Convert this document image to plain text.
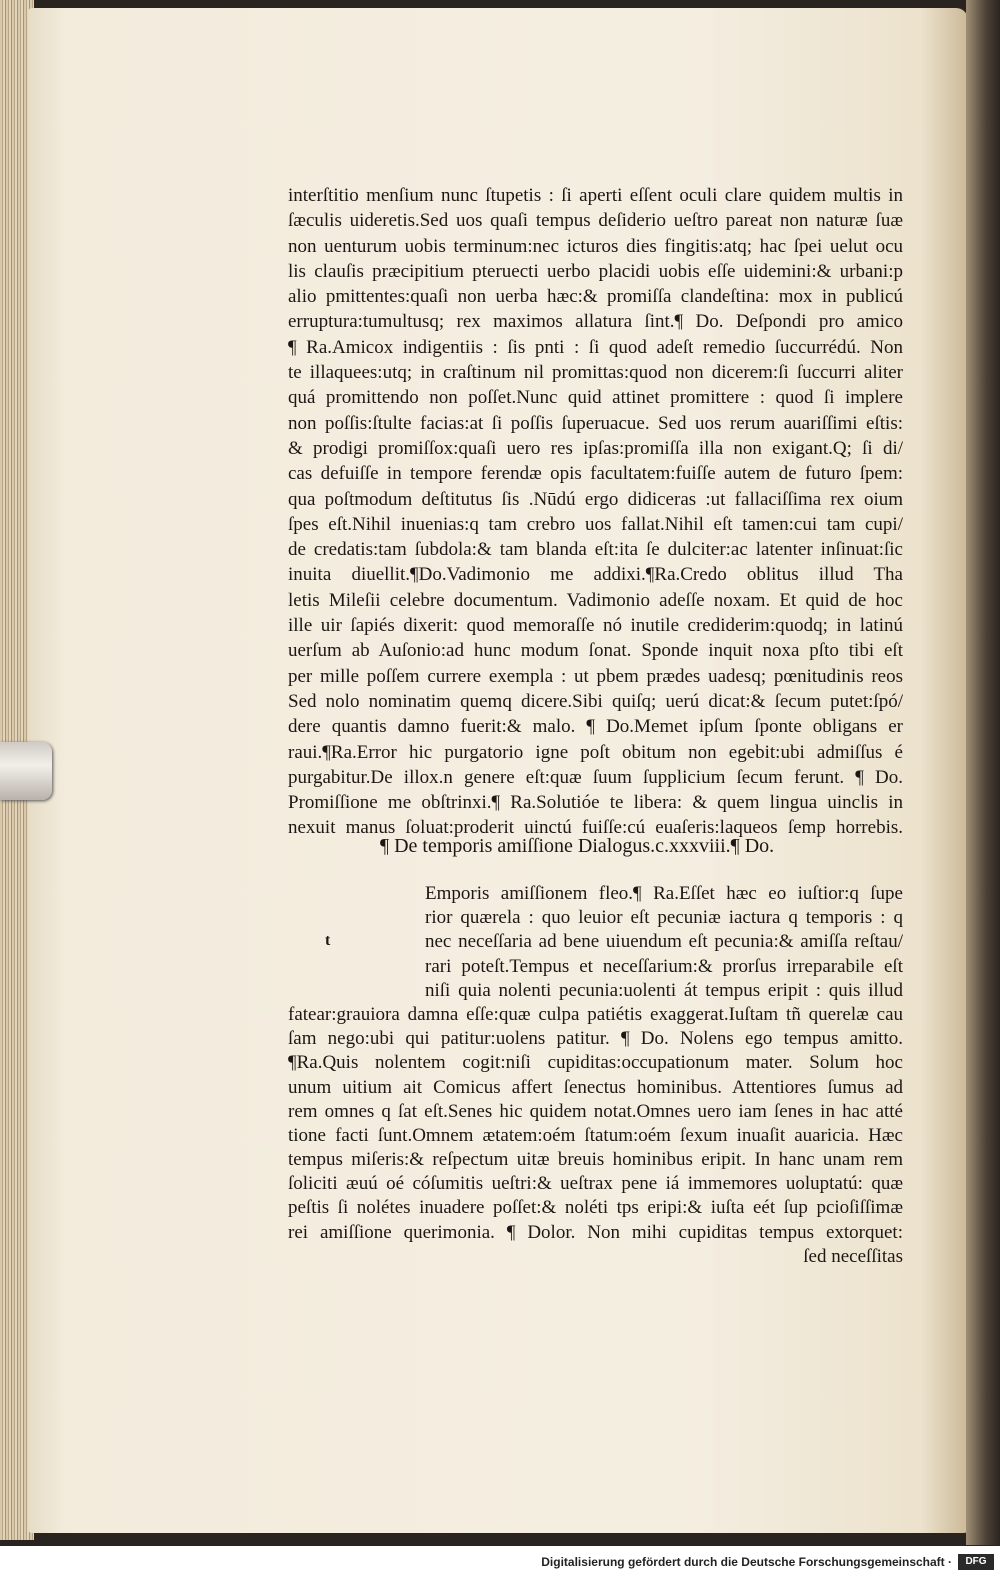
interſtitio menſium nunc ſtupetis : ſi aperti eſſent oculi clare quidem multis in
ſæculis uideretis.Sed uos quaſi tempus deſiderio ueſtro pareat non naturæ ſuæ
non uenturum uobis terminum:nec icturos dies fingitis:atq; hac ſpei uelut ocu
lis clauſis præcipitium pteruecti uerbo placidi uobis eſſe uidemini:& urbani:p
alio pmittentes:quaſi non uerba hæc:& promiſſa clandeſtina: mox in publicú
erruptura:tumultusq; rex maximos allatura ſint.¶ Do. Deſpondi pro amico
¶ Ra.Amicox indigentiis : ſis pnti : ſi quod adeſt remedio ſuccurrédú. Non
te illaquees:utq; in craſtinum nil promittas:quod non dicerem:ſi ſuccurri aliter
quá promittendo non poſſet.Nunc quid attinet promittere : quod ſi implere
non poſſis:ſtulte facias:at ſi poſſis ſuperuacue. Sed uos rerum auariſſimi eſtis:
& prodigi promiſſox:quaſi uero res ipſas:promiſſa illa non exigant.Q; ſi di/
cas defuiſſe in tempore ferendæ opis facultatem:fuiſſe autem de futuro ſpem:
qua poſtmodum deſtitutus ſis .Nūdú ergo didiceras :ut fallaciſſima rex oium
ſpes eſt.Nihil inuenias:q tam crebro uos fallat.Nihil eſt tamen:cui tam cupi/
de credatis:tam ſubdola:& tam blanda eſt:ita ſe dulciter:ac latenter inſinuat:ſic
inuita diuellit.¶Do.Vadimonio me addixi.¶Ra.Credo oblitus illud Tha
letis Mileſii celebre documentum. Vadimonio adeſſe noxam. Et quid de hoc
ille uir ſapiés dixerit: quod memoraſſe nó inutile crediderim:quodq; in latinú
uerſum ab Auſonio:ad hunc modum ſonat. Sponde inquit noxa pſto tibi eſt
per mille poſſem currere exempla : ut pbem prædes uadesq; pœnitudinis reos
Sed nolo nominatim quemq dicere.Sibi quiſq; uerú dicat:& ſecum putet:ſpó/
dere quantis damno fuerit:& malo. ¶ Do.Memet ipſum ſponte obligans er
raui.¶Ra.Error hic purgatorio igne poſt obitum non egebit:ubi admiſſus é
purgabitur.De illox.n genere eſt:quæ ſuum ſupplicium ſecum ferunt. ¶ Do.
Promiſſione me obſtrinxi.¶ Ra.Solutióe te libera: & quem lingua uinclis in
nexuit manus ſoluat:proderit uinctú fuiſſe:cú euaſeris:laqueos ſemp horrebis.
¶ De temporis amiſſione Dialogus.c.xxxviii.¶ Do.
t
Emporis amiſſionem fleo.¶ Ra.Eſſet hæc eo iuſtior:q ſupe
rior quærela : quo leuior eſt pecuniæ iactura q temporis : q
nec neceſſaria ad bene uiuendum eſt pecunia:& amiſſa reſtau/
rari poteſt.Tempus et neceſſarium:& prorſus irreparabile eſt
niſi quia nolenti pecunia:uolenti át tempus eripit : quis illud
fatear:grauiora damna eſſe:quæ culpa patiétis exaggerat.Iuſtam tñ querelæ cau
ſam nego:ubi qui patitur:uolens patitur. ¶ Do. Nolens ego tempus amitto.
¶Ra.Quis nolentem cogit:niſi cupiditas:occupationum mater. Solum hoc
unum uitium ait Comicus affert ſenectus hominibus. Attentiores ſumus ad
rem omnes q ſat eſt.Senes hic quidem notat.Omnes uero iam ſenes in hac atté
tione facti ſunt.Omnem ætatem:oém ſtatum:oém ſexum inuaſit auaricia. Hæc
tempus miſeris:& reſpectum uitæ breuis hominibus eripit. In hanc unam rem
ſoliciti æuú oé cóſumitis ueſtri:& ueſtrax pene iá immemores uoluptatú: quæ
peſtis ſi nolétes inuadere poſſet:& noléti tps eripi:& iuſta eét ſup pcioſiſſimæ
rei amiſſione querimonia. ¶ Dolor. Non mihi cupiditas tempus extorquet:
ſed neceſſitas
Digitalisierung gefördert durch die Deutsche Forschungsgemeinschaft ·	DFG
